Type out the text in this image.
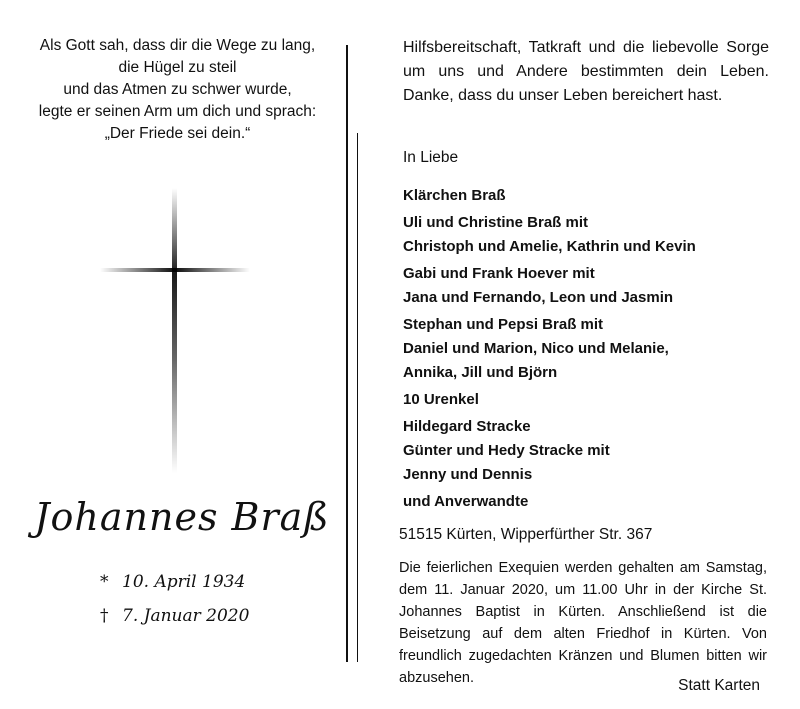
Als Gott sah, dass dir die Wege zu lang,

die Hügel zu steil

und das Atmen zu schwer wurde,

legte er seinen Arm um dich und sprach:

„Der Friede sei dein.“

Johannes Braß
* 10. April 1934
† 7. Januar 2020

Hilfsbereitschaft, Tatkraft und die liebevolle Sorge um uns und Andere bestimmten dein Leben. Danke, dass du unser Leben bereichert hast.

In Liebe
Klärchen Braß
Uli und Christine Braß mit
Christoph und Amelie, Kathrin und Kevin
Gabi und Frank Hoever mit
Jana und Fernando, Leon und Jasmin
Stephan und Pepsi Braß mit
Daniel und Marion, Nico und Melanie,
Annika, Jill und Björn
10 Urenkel
Hildegard Stracke
Günter und Hedy Stracke mit
Jenny und Dennis
und Anverwandte
51515 Kürten, Wipperfürther Str. 367

Die feierlichen Exequien werden gehalten am Samstag, dem 11. Januar 2020, um 11.00 Uhr in der Kirche St. Johannes Baptist in Kürten. Anschließend ist die Beisetzung auf dem alten Friedhof in Kürten. Von freundlich zugedachten Kränzen und Blumen bitten wir abzusehen.	Statt Karten
